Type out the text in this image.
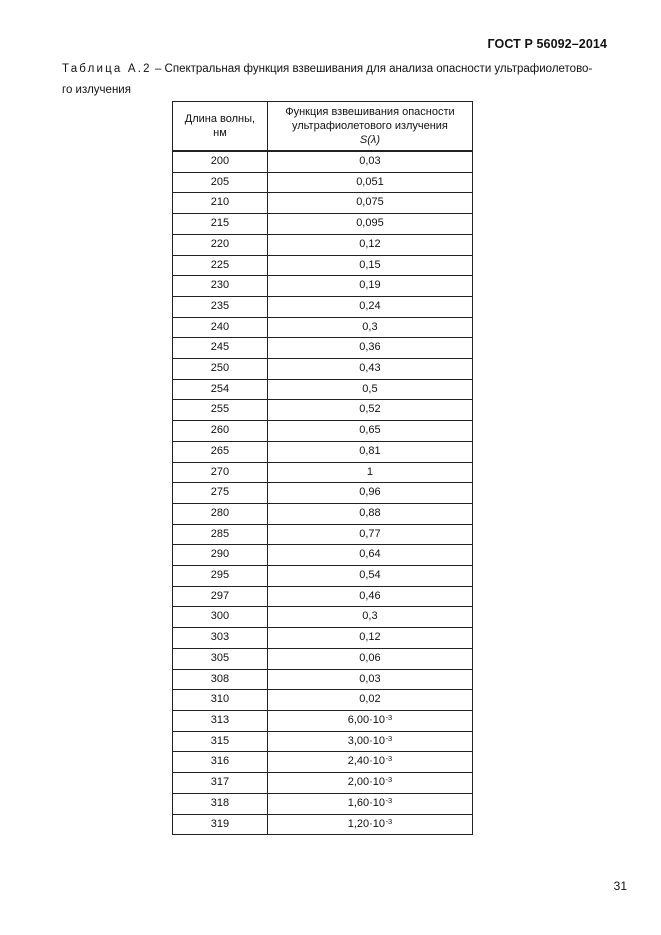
ГОСТ Р 56092–2014
Таблица А.2 – Спектральная функция взвешивания для анализа опасности ультрафиолетово-
го излучения
Длина волны,
нм	Функция взвешивания опасности
ультрафиолетового излучения
S(λ)
200	0,03
205	0,051
210	0,075
215	0,095
220	0,12
225	0,15
230	0,19
235	0,24
240	0,3
245	0,36
250	0,43
254	0,5
255	0,52
260	0,65
265	0,81
270	1
275	0,96
280	0,88
285	0,77
290	0,64
295	0,54
297	0,46
300	0,3
303	0,12
305	0,06
308	0,03
310	0,02
313	$6,00\cdot 10^{-3}$
315	$3,00\cdot 10^{-3}$
316	$2,40\cdot 10^{-3}$
317	$2,00\cdot 10^{-3}$
318	$1,60\cdot 10^{-3}$
319	$1,20\cdot 10^{-3}$
31
